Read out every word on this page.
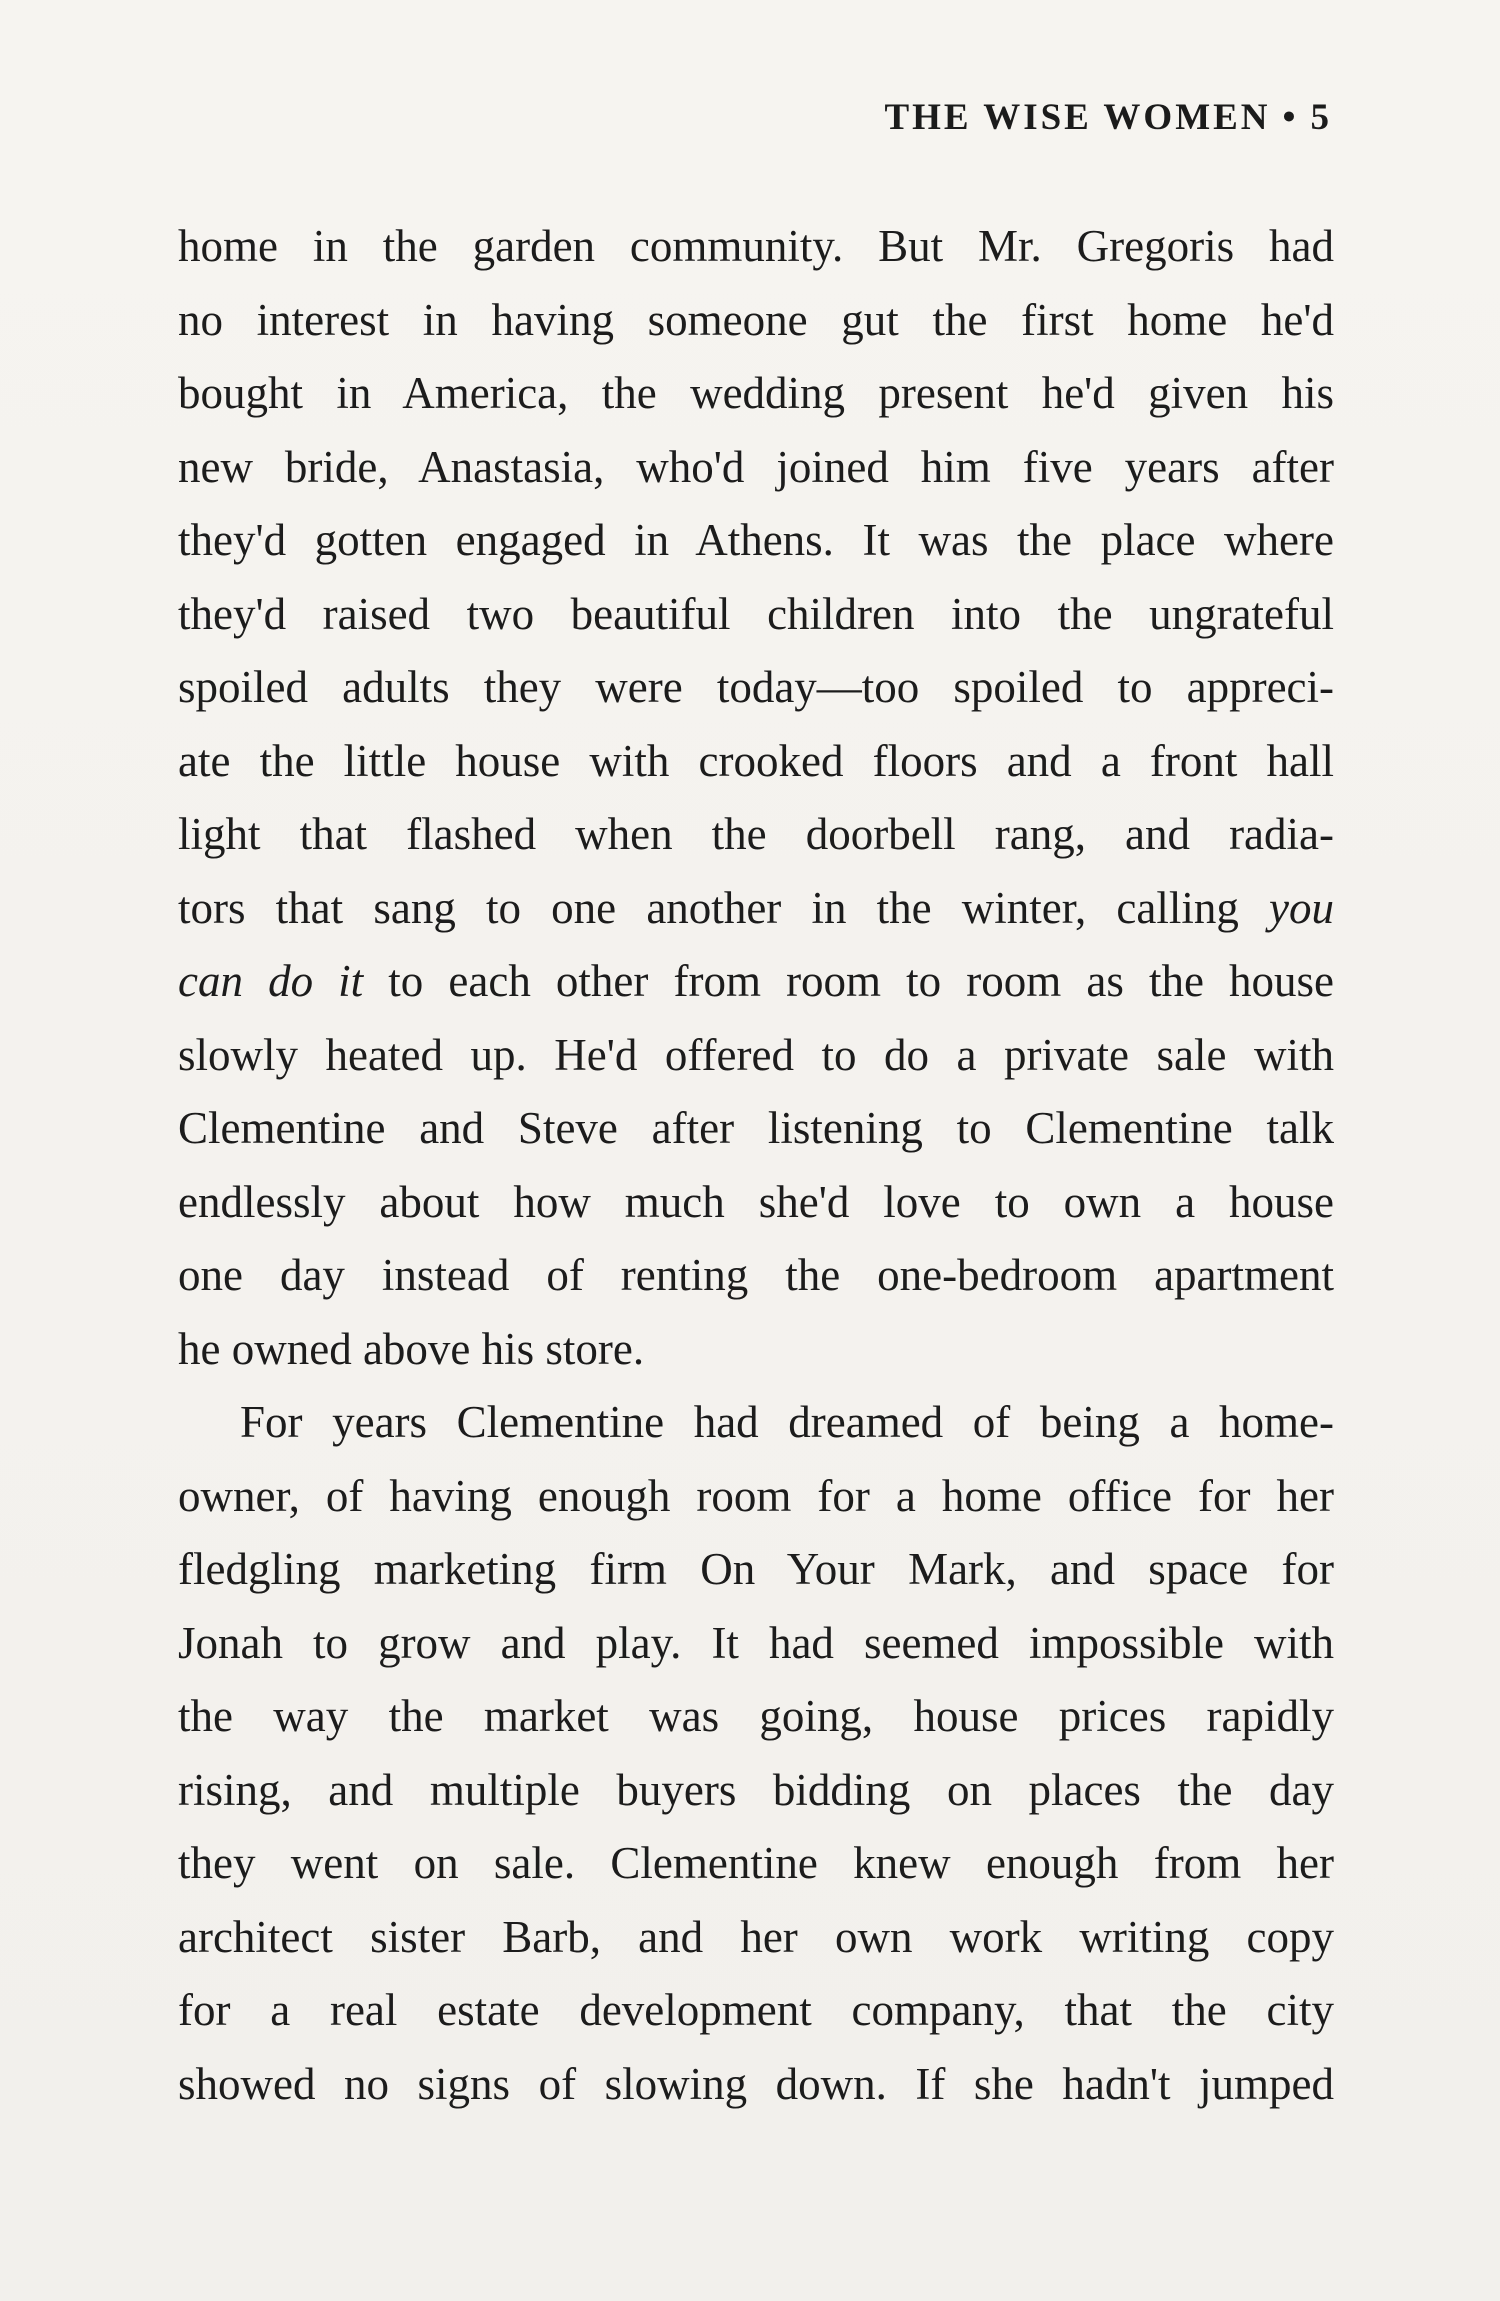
THE WISE WOMEN • 5
home in the garden community. But Mr. Gregoris had
no interest in having someone gut the first home he'd
bought in America, the wedding present he'd given his
new bride, Anastasia, who'd joined him five years after
they'd gotten engaged in Athens. It was the place where
they'd raised two beautiful children into the ungrateful
spoiled adults they were today—too spoiled to appreci-
ate the little house with crooked floors and a front hall
light that flashed when the doorbell rang, and radia-
tors that sang to one another in the winter, calling you
can do it to each other from room to room as the house
slowly heated up. He'd offered to do a private sale with
Clementine and Steve after listening to Clementine talk
endlessly about how much she'd love to own a house
one day instead of renting the one-bedroom apartment
he owned above his store.
For years Clementine had dreamed of being a home-
owner, of having enough room for a home office for her
fledgling marketing firm On Your Mark, and space for
Jonah to grow and play. It had seemed impossible with
the way the market was going, house prices rapidly
rising, and multiple buyers bidding on places the day
they went on sale. Clementine knew enough from her
architect sister Barb, and her own work writing copy
for a real estate development company, that the city
showed no signs of slowing down. If she hadn't jumped
